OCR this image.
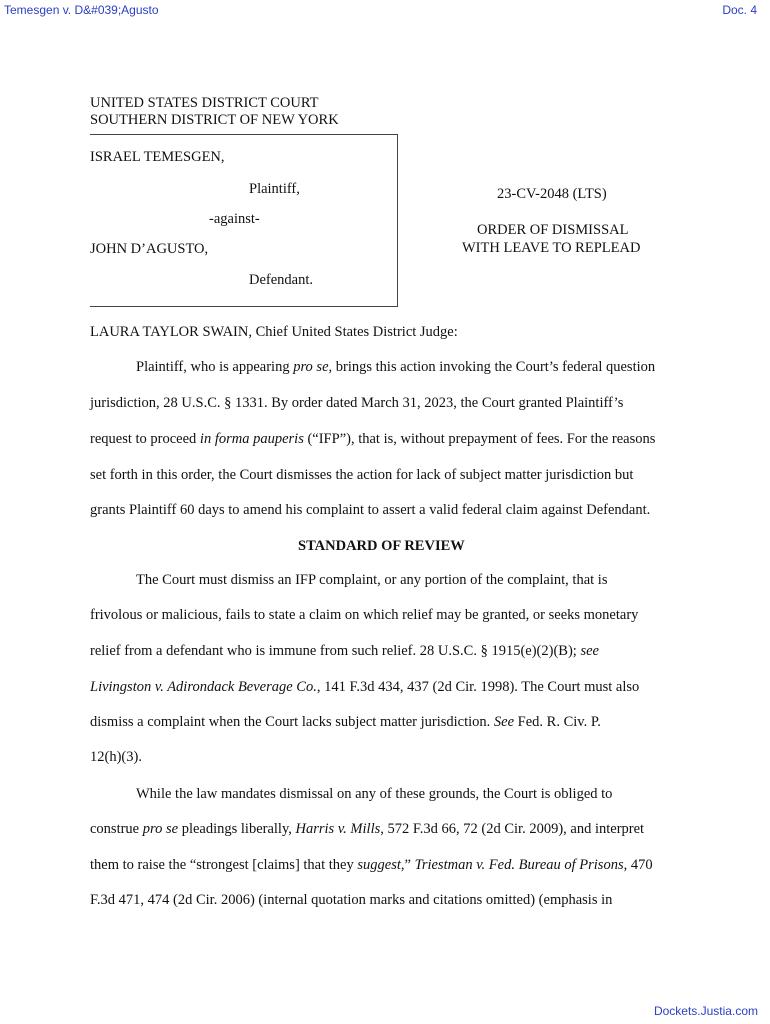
Temesgen v. D&#039;Agusto	Doc. 4
UNITED STATES DISTRICT COURT
SOUTHERN DISTRICT OF NEW YORK
ISRAEL TEMESGEN,
Plaintiff,
-against-
JOHN D’AGUSTO,
Defendant.
23-CV-2048 (LTS)
ORDER OF DISMISSAL
WITH LEAVE TO REPLEAD
LAURA TAYLOR SWAIN, Chief United States District Judge:
Plaintiff, who is appearing pro se, brings this action invoking the Court’s federal question
jurisdiction, 28 U.S.C. § 1331. By order dated March 31, 2023, the Court granted Plaintiff’s
request to proceed in forma pauperis (“IFP”), that is, without prepayment of fees. For the reasons
set forth in this order, the Court dismisses the action for lack of subject matter jurisdiction but
grants Plaintiff 60 days to amend his complaint to assert a valid federal claim against Defendant.
STANDARD OF REVIEW
The Court must dismiss an IFP complaint, or any portion of the complaint, that is
frivolous or malicious, fails to state a claim on which relief may be granted, or seeks monetary
relief from a defendant who is immune from such relief. 28 U.S.C. § 1915(e)(2)(B); see
Livingston v. Adirondack Beverage Co., 141 F.3d 434, 437 (2d Cir. 1998). The Court must also
dismiss a complaint when the Court lacks subject matter jurisdiction. See Fed. R. Civ. P.
12(h)(3).
While the law mandates dismissal on any of these grounds, the Court is obliged to
construe pro se pleadings liberally, Harris v. Mills, 572 F.3d 66, 72 (2d Cir. 2009), and interpret
them to raise the “strongest [claims] that they suggest,” Triestman v. Fed. Bureau of Prisons, 470
F.3d 471, 474 (2d Cir. 2006) (internal quotation marks and citations omitted) (emphasis in
Dockets.Justia.com
